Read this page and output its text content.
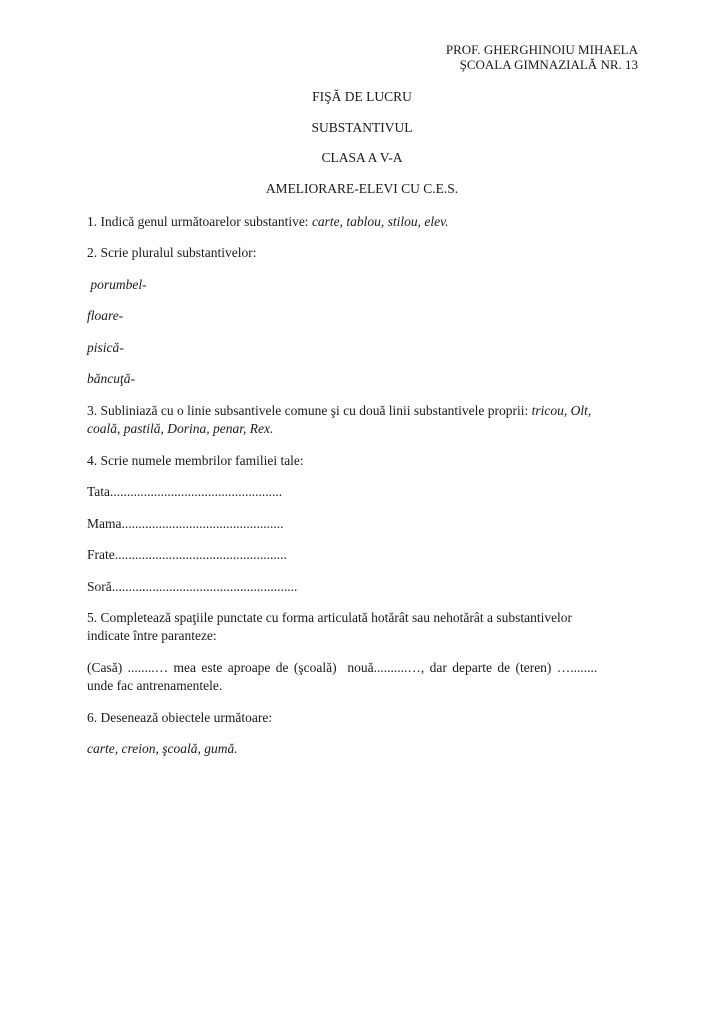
PROF. GHERGHINOIU MIHAELA
ŞCOALA GIMNAZIALĂ NR. 13
FIŞĂ DE LUCRU
SUBSTANTIVUL
CLASA A V-A
AMELIORARE-ELEVI CU C.E.S.
1. Indică genul următoarelor substantive: carte, tablou, stilou, elev.
2. Scrie pluralul substantivelor:
porumbel-
floare-
pisică-
băncuţă-
3. Subliniază cu o linie subsantivele comune şi cu două linii substantivele proprii: tricou, Olt,
coală, pastilă, Dorina, penar, Rex.
4. Scrie numele membrilor familiei tale:
Tata...................................................
Mama................................................
Frate...................................................
Soră.......................................................
5. Completează spaţiile punctate cu forma articulată hotărât sau nehotărât a substantivelor
indicate între paranteze:
(Casă) ........… mea este aproape de (şcoală)  nouă..........…, dar departe de (teren) …........
unde fac antrenamentele.
6. Desenează obiectele următoare:
carte, creion, şcoală, gumă.
